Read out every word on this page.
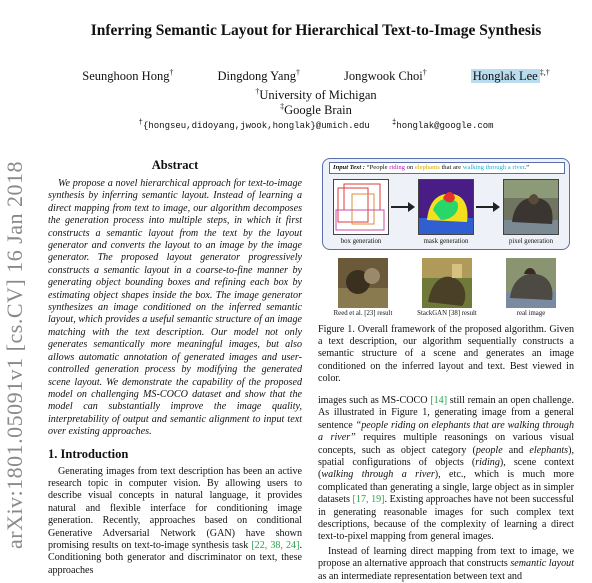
arXiv:1801.05091v1 [cs.CV] 16 Jan 2018
Inferring Semantic Layout for Hierarchical Text-to-Image Synthesis
Seunghoon Hong†	Dingdong Yang†	Jongwook Choi†	Honglak Lee ‡,†
†University of Michigan
‡Google Brain
†{hongseu,didoyang,jwook,honglak}@umich.edu	‡honglak@google.com
Abstract

We propose a novel hierarchical approach for text-to-image synthesis by inferring semantic layout. Instead of learning a direct mapping from text to image, our algorithm decomposes the generation process into multiple steps, in which it first constructs a semantic layout from the text by the layout generator and converts the layout to an image by the image generator. The proposed layout generator progressively constructs a semantic layout in a coarse-to-fine manner by generating object bounding boxes and refining each box by estimating object shapes inside the box. The image generator synthesizes an image conditioned on the inferred semantic layout, which provides a useful semantic structure of an image matching with the text description. Our model not only generates semantically more meaningful images, but also allows automatic annotation of generated images and user-controlled generation process by modifying the generated scene layout. We demonstrate the capability of the proposed model on challenging MS-COCO dataset and show that the model can substantially improve the image quality, interpretability of output and semantic alignment to input text over existing approaches.

1. Introduction

Generating images from text description has been an active research topic in computer vision. By allowing users to describe visual concepts in natural language, it provides natural and flexible interface for conditioning image generation. Recently, approaches based on conditional Generative Adversarial Network (GAN) have shown promising results on text-to-image synthesis task [22, 38, 24]. Conditioning both generator and discriminator on text, these approaches

Input Text : “People riding on elephants that are walking through a river.”
box generation	mask generation	pixel generation
Reed et al. [23] result	StackGAN [38] result	real image

Figure 1. Overall framework of the proposed algorithm. Given a text description, our algorithm sequentially constructs a semantic structure of a scene and generates an image conditioned on the inferred layout and text. Best viewed in color.

images such as MS-COCO [14] still remain an open challenge. As illustrated in Figure 1, generating image from a general sentence “people riding on elephants that are walking through a river” requires multiple reasonings on various visual concepts, such as object category (people and elephants), spatial configurations of objects (riding), scene context (walking through a river), etc., which is much more complicated than generating a single, large object as in simpler datasets [17, 19]. Existing approaches have not been successful in generating reasonable images for such complex text descriptions, because of the complexity of learning a direct text-to-pixel mapping from general images.

Instead of learning direct mapping from text to image, we propose an alternative approach that constructs semantic layout as an intermediate representation between text and
